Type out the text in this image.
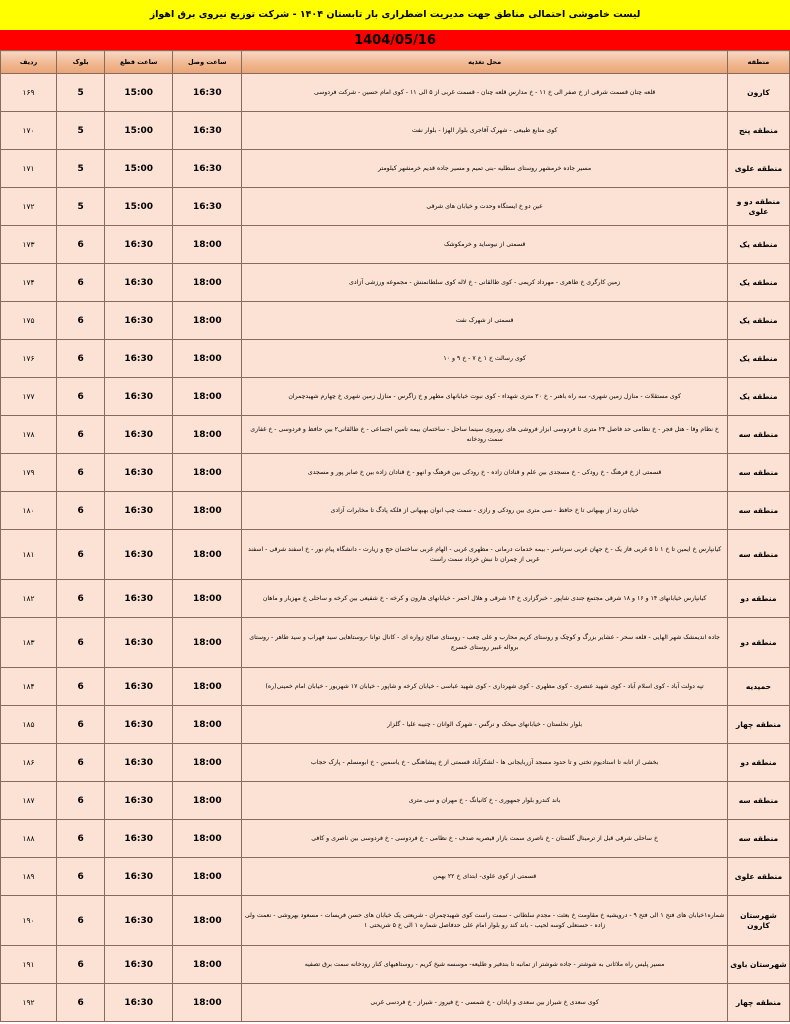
لیست خاموشی احتمالی مناطق جهت مدیریت اضطراری بار تابستان ۱۴۰۴ - شرکت توزیع نیروی برق اهواز
1404/05/16
منطقه	محل تغذیه	ساعت وصل	ساعت قطع	بلوک	ردیف
کارون	قلعه چنان قسمت شرقی از خ صفر الی خ ۱۱ - خ مدارس قلعه چنان - قسمت غربی از ۵ الی ۱۱ - کوی امام حسین - شرکت فردوسی	16:30	15:00	5	۱۶۹
منطقه پنج	کوی منابع طبیعی - شهرک آقاجری بلوار الهزا - بلوار نفت	16:30	15:00	5	۱۷۰
منطقه علوی	مسیر جاده خرمشهر روستای سطلیه -بنی تمیم و مسیر جاده قدیم خرمشهر کیلومتر	16:30	15:00	5	۱۷۱
منطقه دو و علوی	عین دو خ ایستگاه وحدت و خیابان های شرقی	16:30	15:00	5	۱۷۲
منطقه یک	قسمتی از نیوساید و خرمکوشک	18:00	16:30	6	۱۷۳
منطقه یک	زمین کارگری خ طاهری - مهرداد کریمی - کوی طالقانی - خ لاله کوی سلطانمنش - مجموعه ورزشی آزادی	18:00	16:30	6	۱۷۴
منطقه یک	قسمتی از شهرک نفت	18:00	16:30	6	۱۷۵
منطقه یک	کوی رسالت خ ۱ خ ۷ - خ ۹ و ۱۰	18:00	16:30	6	۱۷۶
منطقه یک	کوی مستقلات - منازل زمین شهری- سه راه باهنر - خ ۲۰ متری شهداء - کوی نبوت خیابانهای مطهر و خ زاگرس - منازل زمین شهری خ چهارم شهیدچمران	18:00	16:30	6	۱۷۷
منطقه سه	خ نظام وفا - هتل فجر - خ نظامی حد فاصل ۲۴ متری تا فردوسی ابزار فروشی های روبروی سینما ساحل - ساختمان بیمه تامین اجتماعی - خ طالقانی۲ بین حافظ و فردوسی - خ غفاری سمت رودخانه	18:00	16:30	6	۱۷۸
منطقه سه	قسمتی از خ فرهنگ - خ رودکی - خ مسجدی بین علم و قنادان زاده - خ رودکی بین فرهنگ و انهو - خ قنادان زاده بین خ صابر پور و مسجدی	18:00	16:30	6	۱۷۹
منطقه سه	خیابان زند از بهبهانی تا خ حافظ - سی متری بین رودکی و رازی - سمت چپ انوان بهبهانی از فلکه پادگ تا مخابرات آزادی	18:00	16:30	6	۱۸۰
منطقه سه	کیانپارس خ ایمین تا خ ۱ تا ۵ غربی فاز یک - خ جهان غربی سرتاسر - بیمه خدمات درمانی - مطهری غربی - الهام غربی ساختمان حج و زیارت - دانشگاه پیام نور - خ اسفند شرقی - اسفند غربی از چمران تا نبش خرداد سمت راست	18:00	16:30	6	۱۸۱
منطقه دو	کیانپارس خیابانهای ۱۴ و ۱۶ و ۱۸ شرقی مجتمع جندی شاپور - خبرگزاری خ ۱۴ شرقی و هلال احمر - خیابانهای هارون و کرخه - خ شفیعی بین کرخه و ساحلی خ مهزیار و ماهان	18:00	16:30	6	۱۸۲
منطقه دو	جاده اندیمشک شهر الهایی - قلعه سحر - عشایر بزرگ و کوچک و روستای کریم محارب و علی چعب - روستای صالح زواره ای - کانال توانا -روستاهایی سید فهراب و سید طاهر - روستای برواله غبیر روستای خسرج	18:00	16:30	6	۱۸۳
حمیدیه	تپه دولت آباد - کوی اسلام آباد - کوی شهید عنصری - کوی مطهری - کوی شهرداری - کوی شهید عباسی - خیابان کرخه و شاپور - خیابان ۱۷ شهریور - خیابان امام خمینی(ره)	18:00	16:30	6	۱۸۴
منطقه چهار	بلوار نخلستان - خیابانهای میخک و نرگس - شهرک الوانان - چنیبه علیا - گلزار	18:00	16:30	6	۱۸۵
منطقه دو	بخشی از اتابه تا استادیوم تختی و تا حدود مسجد آزربایجانی ها - لشکرآباد قسمتی از خ پیشاهنگی - خ یاسمین - خ ابومسلم - پارک حجاب	18:00	16:30	6	۱۸۶
منطقه سه	باند کندرو بلوار جمهوری - خ کانیانگ - خ مهران و سی متری	18:00	16:30	6	۱۸۷
منطقه سه	خ ساحلی شرقی قبل از ترمینال گلستان - خ ناصری سمت بازار قیصریه صدف - خ نظامی - خ فردوسی - خ فردوسی بین ناصری و کافی	18:00	16:30	6	۱۸۸
منطقه علوی	قسمتی از کوی علوی- ابتدای خ ۲۲ بهمن	18:00	16:30	6	۱۸۹
شهرستان کارون	شماره۱خیابان های فتح ۱ الی فتح ۹ - درویشیه خ مقاومت خ بعثت - مجدم سلطانی - سمت راست کوی شهیدچمران - شریعتی یک خیابان های حسن فریسات - مسعود بهروشی - نعمت ولی زاده - حسنعلی کوسه لحیب - باند کند رو بلوار امام علی حدفاصل شماره ۱ الی خ ۵ شریحتی ۱	18:00	16:30	6	۱۹۰
شهرستان باوی	مسیر پلیس راه ملاثانی به شوشتر - جاده شوشتر از تمانبه تا بندفیر و طلیعه- موسسه شیخ کریم - روستاهیهای کنار رودخانه سمت برق تصفیه	18:00	16:30	6	۱۹۱
منطقه چهار	کوی سعدی خ شیراز بین سعدی و اپادان - خ شمسی - خ فیروز - شیراز - خ فردسی غربی	18:00	16:30	6	۱۹۲
